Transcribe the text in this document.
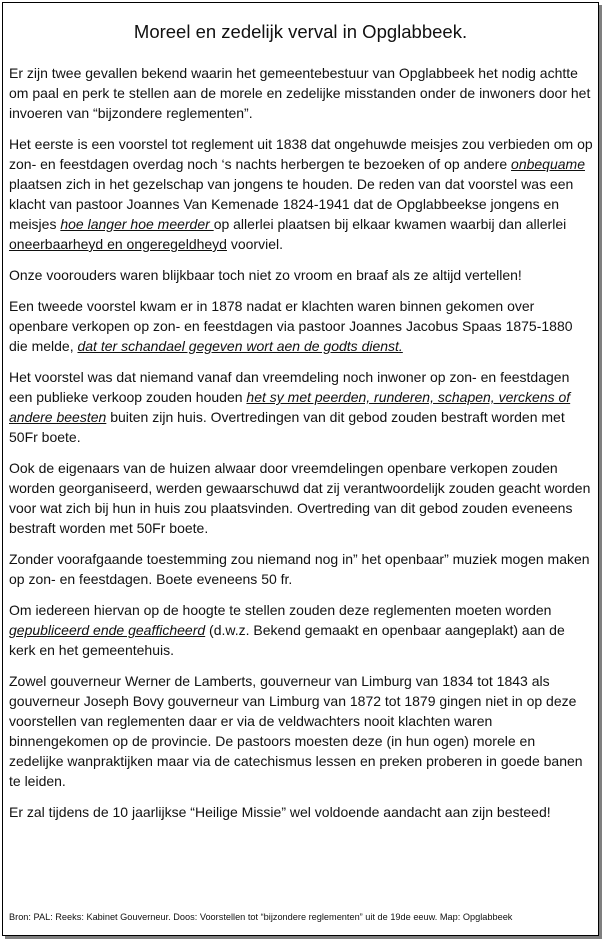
Moreel en zedelijk verval in Opglabbeek.

Er zijn twee gevallen bekend waarin het gemeentebestuur van Opglabbeek het nodig achtte om paal en perk te stellen aan de morele en zedelijke misstanden onder de inwoners door het invoeren van “bijzondere reglementen”.

Het eerste is een voorstel tot reglement uit 1838 dat ongehuwde meisjes zou verbieden om op zon- en feestdagen overdag noch ‘s nachts herbergen te bezoeken of op andere onbequame plaatsen zich in het gezelschap van jongens te houden. De reden van dat voorstel was een klacht van pastoor Joannes Van Kemenade 1824-1941 dat de Opglabbeekse jongens en meisjes hoe langer hoe meerder op allerlei plaatsen bij elkaar kwamen waarbij dan allerlei oneerbaarheyd en ongeregeldheyd voorviel.

Onze voorouders waren blijkbaar toch niet zo vroom en braaf als ze altijd vertellen!

Een tweede voorstel kwam er in 1878 nadat er klachten waren binnen gekomen over openbare verkopen op zon- en feestdagen via pastoor Joannes Jacobus Spaas 1875-1880 die melde, dat ter schandael gegeven wort aen de godts dienst.

Het voorstel was dat niemand vanaf dan vreemdeling noch inwoner op zon- en feestdagen een publieke verkoop zouden houden het sy met peerden, runderen, schapen, verckens of andere beesten buiten zijn huis. Overtredingen van dit gebod zouden bestraft worden met 50Fr boete.

Ook de eigenaars van de huizen alwaar door vreemdelingen openbare verkopen zouden worden georganiseerd, werden gewaarschuwd dat zij verantwoordelijk zouden geacht worden voor wat zich bij hun in huis zou plaatsvinden. Overtreding van dit gebod zouden eveneens bestraft worden met 50Fr boete.

Zonder voorafgaande toestemming zou niemand nog in” het openbaar” muziek mogen maken op zon- en feestdagen. Boete eveneens 50 fr.

Om iedereen hiervan op de hoogte te stellen zouden deze reglementen moeten worden gepubliceerd ende geafficheerd (d.w.z. Bekend gemaakt en openbaar aangeplakt) aan de kerk en het gemeentehuis.

Zowel gouverneur Werner de Lamberts, gouverneur van Limburg van 1834 tot 1843 als gouverneur Joseph Bovy gouverneur van Limburg van 1872 tot 1879 gingen niet in op deze voorstellen van reglementen daar er via de veldwachters nooit klachten waren binnengekomen op de provincie. De pastoors moesten deze (in hun ogen) morele en zedelijke wanpraktijken maar via de catechismus lessen en preken proberen in goede banen te leiden.

Er zal tijdens de 10 jaarlijkse “Heilige Missie” wel voldoende aandacht aan zijn besteed!

Bron: PAL: Reeks: Kabinet Gouverneur. Doos: Voorstellen tot “bijzondere reglementen” uit de 19de eeuw. Map: Opglabbeek
